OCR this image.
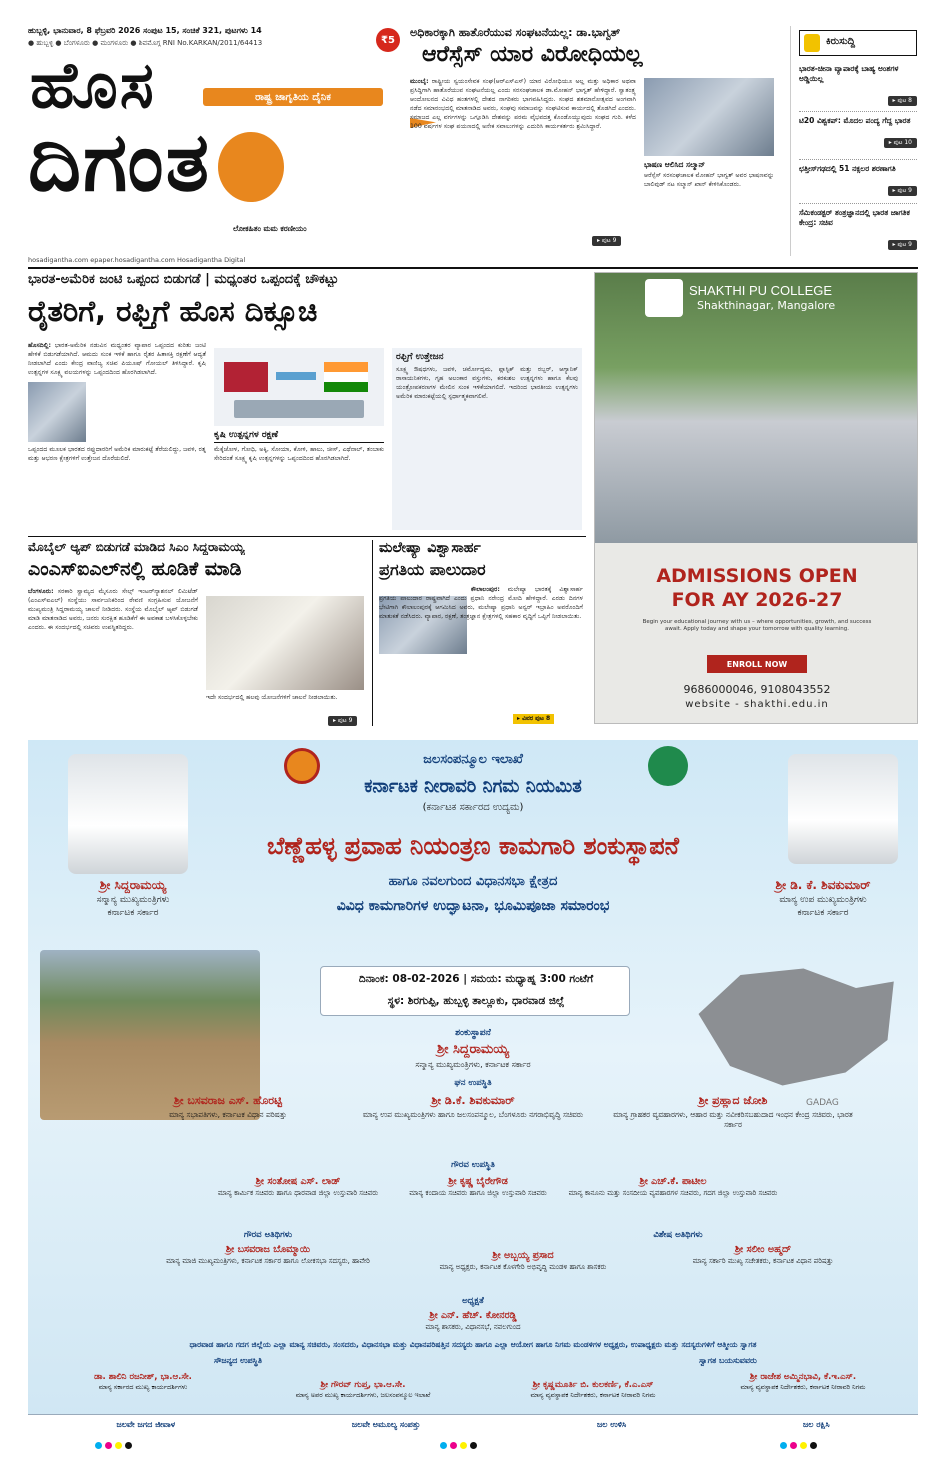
ಹುಬ್ಬಳ್ಳಿ, ಭಾನುವಾರ, 8 ಫೆಬ್ರವರಿ 2026 ಸಂಪುಟ 15, ಸಂಚಿಕೆ 321, ಪುಟಗಳು 14
● ಹುಬ್ಬಳ್ಳಿ ● ಬೆಂಗಳೂರು ● ಮಂಗಳೂರು ● ಶಿವಮೊಗ್ಗ RNI No.KARKAN/2011/64413	₹5
ಹೊಸ	ರಾಷ್ಟ್ರ ಜಾಗೃತಿಯ ದೈನಿಕ
ದಿಗಂತ
ಲೋಕಹಿತಂ ಮಮ ಕರಣೀಯಂ
hosadigantha.com epaper.hosadigantha.com Hosadigantha Digital
ಅಧಿಕಾರಕ್ಕಾಗಿ ಹಾತೊರೆಯುವ ಸಂಘಟನೆಯಲ್ಲ: ಡಾ.ಭಾಗ್ವತ್
ಆರೆಸ್ಸೆಸ್ ಯಾರ ವಿರೋಧಿಯಲ್ಲ

ಮುಂಬೈ: ರಾಷ್ಟ್ರೀಯ ಸ್ವಯಂಸೇವಕ ಸಂಘ(ಆರ್‌ಎಸ್‌ಎಸ್) ಯಾರ ವಿರೋಧಿಯೂ ಅಲ್ಲ ಮತ್ತು ಅಧಿಕಾರ ಅಥವಾ ಪ್ರಸಿದ್ಧಿಗಾಗಿ ಹಾತೊರೆಯುವ ಸಂಘಟನೆಯಲ್ಲ ಎಂದು ಸರಸಂಘಚಾಲಕ ಡಾ.ಮೋಹನ್ ಭಾಗ್ವತ್ ಹೇಳಿದ್ದಾರೆ. ಸ್ವಾತಂತ್ರ್ಯ ಆಂದೋಲನದ ವಿವಿಧ ಹಂತಗಳಲ್ಲಿ ದೇಶದ ನಾಗರಿಕರು ಭಾಗವಹಿಸಿದ್ದರು. ಸಂಘದ ಶತಮಾನೋತ್ಸವದ ಅಂಗವಾಗಿ ನಡೆದ ಸಮಾರಂಭದಲ್ಲಿ ಮಾತನಾಡಿದ ಅವರು, ಸಂಘವು ಸಮಾಜವನ್ನು ಸಂಘಟಿಸುವ ಕಾರ್ಯದಲ್ಲಿ ತೊಡಗಿದೆ ಎಂದರು. ಸಮಾಜದ ಎಲ್ಲ ವರ್ಗಗಳನ್ನು ಒಗ್ಗೂಡಿಸಿ ದೇಶವನ್ನು ಪರಮ ವೈಭವದತ್ತ ಕೊಂಡೊಯ್ಯುವುದು ಸಂಘದ ಗುರಿ. ಕಳೆದ 100 ವರ್ಷಗಳ ಸಂಘ ಪಯಣದಲ್ಲಿ ಅನೇಕ ಸವಾಲುಗಳನ್ನು ಎದುರಿಸಿ ಕಾರ್ಯಕರ್ತರು ಶ್ರಮಿಸಿದ್ದಾರೆ.

ಭಾಷಣ ಆಲಿಸಿದ ಸಲ್ಮಾನ್
ಆರೆಸ್ಸೆಸ್ ಸರಸಂಘಚಾಲಕ ಮೋಹನ್ ಭಾಗ್ವತ್ ಅವರ ಭಾಷಣವನ್ನು ಬಾಲಿವುಡ್ ನಟ ಸಲ್ಮಾನ್ ಖಾನ್ ಕೇಳಿಸಿಕೊಂಡರು.
▸ ಪುಟ 9
ಕಿರುಸುದ್ದಿ
ಭಾರತ-ಚೀನಾ ವ್ಯಾಪಾರಕ್ಕೆ ಬಾಹ್ಯ ಅಂಶಗಳ ಅಡ್ಡಿಯಿಲ್ಲ
▸ ಪುಟ 8
ಟಿ20 ವಿಶ್ವಕಪ್: ಮೊದಲ ಪಂದ್ಯ ಗೆದ್ದ ಭಾರತ
▸ ಪುಟ 10
ಛತ್ತೀಸ್‌ಗಢದಲ್ಲಿ 51 ನಕ್ಸಲರ ಶರಣಾಗತಿ
▸ ಪುಟ 9
ಸೆಮಿಕಂಡಕ್ಟರ್ ತಂತ್ರಜ್ಞಾನದಲ್ಲಿ ಭಾರತ ಜಾಗತಿಕ ಕೇಂದ್ರ: ಸಚಿವ
▸ ಪುಟ 9
ಭಾರತ-ಅಮೆರಿಕ ಜಂಟಿ ಒಪ್ಪಂದ ಬಿಡುಗಡೆ | ಮಧ್ಯಂತರ ಒಪ್ಪಂದಕ್ಕೆ ಚೌಕಟ್ಟು
ರೈತರಿಗೆ, ರಫ್ತಿಗೆ ಹೊಸ ದಿಕ್ಸೂಚಿ

ಹೊಸದಿಲ್ಲಿ: ಭಾರತ-ಅಮೆರಿಕ ನಡುವಿನ ಮಧ್ಯಂತರ ವ್ಯಾಪಾರ ಒಪ್ಪಂದದ ಕುರಿತು ಜಂಟಿ ಹೇಳಿಕೆ ಬಿಡುಗಡೆಯಾಗಿದೆ. ಆಮದು ಸುಂಕ ಇಳಿಕೆ ಹಾಗೂ ರೈತರ ಹಿತಾಸಕ್ತಿ ರಕ್ಷಣೆಗೆ ಆದ್ಯತೆ ನೀಡಲಾಗಿದೆ ಎಂದು ಕೇಂದ್ರ ವಾಣಿಜ್ಯ ಸಚಿವ ಪಿಯೂಷ್ ಗೋಯಲ್ ತಿಳಿಸಿದ್ದಾರೆ. ಕೃಷಿ ಉತ್ಪನ್ನಗಳ ಸೂಕ್ಷ್ಮ ವಲಯಗಳನ್ನು ಒಪ್ಪಂದದಿಂದ ಹೊರಗಿಡಲಾಗಿದೆ.

ಒಪ್ಪಂದದ ಮೂಲಕ ಭಾರತದ ರಫ್ತುದಾರರಿಗೆ ಅಮೆರಿಕ ಮಾರುಕಟ್ಟೆ ತೆರೆಯಲಿದ್ದು, ಜವಳಿ, ರತ್ನ ಮತ್ತು ಆಭರಣ ಕ್ಷೇತ್ರಗಳಿಗೆ ಉತ್ತೇಜನ ದೊರೆಯಲಿದೆ.

ಕೃಷಿ ಉತ್ಪನ್ನಗಳ ರಕ್ಷಣೆ

ಮೆಕ್ಕೆಜೋಳ, ಗೋಧಿ, ಅಕ್ಕಿ, ಸೋಯಾ, ಕೋಳಿ, ಹಾಲು, ಚೀಸ್, ಎಥೆನಾಲ್, ತಂಬಾಕು ಸೇರಿದಂತೆ ಸೂಕ್ಷ್ಮ ಕೃಷಿ ಉತ್ಪನ್ನಗಳನ್ನು ಒಪ್ಪಂದದಿಂದ ಹೊರಗಿಡಲಾಗಿದೆ.

ರಫ್ತಿಗೆ ಉತ್ತೇಜನ

ಸೂಕ್ಷ್ಮ ಔಷಧಗಳು, ಜವಳಿ, ಚರ್ಮೋದ್ಯಮ, ಪ್ಲಾಸ್ಟಿಕ್ ಮತ್ತು ರಬ್ಬರ್, ಆಗ್ಯಾನಿಕ್ ರಾಸಾಯನಿಕಗಳು, ಗೃಹ ಅಲಂಕಾರ ವಸ್ತುಗಳು, ಕರಕುಶಲ ಉತ್ಪನ್ನಗಳು ಹಾಗೂ ಕೆಲವು ಯಂತ್ರೋಪಕರಣಗಳ ಮೇಲಿನ ಸುಂಕ ಇಳಿಕೆಯಾಗಲಿದೆ. ಇದರಿಂದ ಭಾರತೀಯ ಉತ್ಪನ್ನಗಳು ಅಮೆರಿಕ ಮಾರುಕಟ್ಟೆಯಲ್ಲಿ ಸ್ಪರ್ಧಾತ್ಮಕವಾಗಲಿವೆ.

SHAKTHI PU COLLEGE
Shakthinagar, Mangalore
ADMISSIONS OPEN
FOR AY 2026-27
Begin your educational journey with us – where opportunities, growth, and success await. Apply today and shape your tomorrow with quality learning.
ENROLL NOW
9686000046, 9108043552
website - shakthi.edu.in
ಮೊಬೈಲ್ ಆ್ಯಪ್ ಬಿಡುಗಡೆ ಮಾಡಿದ ಸಿಎಂ ಸಿದ್ದರಾಮಯ್ಯ
ಎಂಎಸ್‌ಐಎಲ್‌ನಲ್ಲಿ ಹೂಡಿಕೆ ಮಾಡಿ

ಬೆಂಗಳೂರು: ಸರಕಾರಿ ಸ್ವಾಮ್ಯದ ಮೈಸೂರು ಸೇಲ್ಸ್ ಇಂಟರ್‌ನ್ಯಾಶನಲ್ ಲಿಮಿಟೆಡ್ (ಎಂಎಸ್‌ಐಎಲ್) ಸಂಸ್ಥೆಯು ಸಾರ್ವಜನಿಕರಿಂದ ಠೇವಣಿ ಸಂಗ್ರಹಿಸುವ ಯೋಜನೆಗೆ ಮುಖ್ಯಮಂತ್ರಿ ಸಿದ್ದರಾಮಯ್ಯ ಚಾಲನೆ ನೀಡಿದರು. ಸಂಸ್ಥೆಯ ಮೊಬೈಲ್ ಆ್ಯಪ್ ಬಿಡುಗಡೆ ಮಾಡಿ ಮಾತನಾಡಿದ ಅವರು, ಜನರು ಸುರಕ್ಷಿತ ಹೂಡಿಕೆಗೆ ಈ ಅವಕಾಶ ಬಳಸಿಕೊಳ್ಳಬೇಕು ಎಂದರು. ಈ ಸಂದರ್ಭದಲ್ಲಿ ಸಚಿವರು ಉಪಸ್ಥಿತರಿದ್ದರು.

ಇದೇ ಸಂದರ್ಭದಲ್ಲಿ ಹಲವು ಯೋಜನೆಗಳಿಗೆ ಚಾಲನೆ ನೀಡಲಾಯಿತು.
▸ ಪುಟ 9
ಮಲೇಷ್ಯಾ ವಿಶ್ವಾಸಾರ್ಹ
ಪ್ರಗತಿಯ ಪಾಲುದಾರ

ಕೌಲಾಲಂಪುರ: ಮಲೇಷ್ಯಾ ಭಾರತಕ್ಕೆ ವಿಶ್ವಾಸಾರ್ಹ ಪ್ರಗತಿಯ ಪಾಲುದಾರ ರಾಷ್ಟ್ರವಾಗಿದೆ ಎಂದು ಪ್ರಧಾನಿ ನರೇಂದ್ರ ಮೋದಿ ಹೇಳಿದ್ದಾರೆ. ಎರಡು ದಿನಗಳ ಭೇಟಿಗಾಗಿ ಕೌಲಾಲಂಪುರಕ್ಕೆ ಆಗಮಿಸಿದ ಅವರು, ಮಲೇಷ್ಯಾ ಪ್ರಧಾನಿ ಅನ್ವರ್ ಇಬ್ರಾಹಿಂ ಅವರೊಂದಿಗೆ ಮಾತುಕತೆ ನಡೆಸಿದರು. ವ್ಯಾಪಾರ, ರಕ್ಷಣೆ, ತಂತ್ರಜ್ಞಾನ ಕ್ಷೇತ್ರಗಳಲ್ಲಿ ಸಹಕಾರ ವೃದ್ಧಿಗೆ ಒಪ್ಪಿಗೆ ನೀಡಲಾಯಿತು.

▸ ವಿವರ ಪುಟ 8
ಶ್ರೀ ಸಿದ್ದರಾಮಯ್ಯ
ಸನ್ಮಾನ್ಯ ಮುಖ್ಯಮಂತ್ರಿಗಳು
ಕರ್ನಾಟಕ ಸರ್ಕಾರ
ಶ್ರೀ ಡಿ. ಕೆ. ಶಿವಕುಮಾರ್
ಮಾನ್ಯ ಉಪ ಮುಖ್ಯಮಂತ್ರಿಗಳು
ಕರ್ನಾಟಕ ಸರ್ಕಾರ
ಜಲಸಂಪನ್ಮೂಲ ಇಲಾಖೆ
ಕರ್ನಾಟಕ ನೀರಾವರಿ ನಿಗಮ ನಿಯಮಿತ
(ಕರ್ನಾಟಕ ಸರ್ಕಾರದ ಉದ್ಯಮ)
ಬೆಣ್ಣೆಹಳ್ಳ ಪ್ರವಾಹ ನಿಯಂತ್ರಣ ಕಾಮಗಾರಿ ಶಂಕುಸ್ಥಾಪನೆ
ಹಾಗೂ ನವಲಗುಂದ ವಿಧಾನಸಭಾ ಕ್ಷೇತ್ರದ
ವಿವಿಧ ಕಾಮಗಾರಿಗಳ ಉದ್ಘಾಟನಾ, ಭೂಮಿಪೂಜಾ ಸಮಾರಂಭ
ದಿನಾಂಕ: 08-02-2026 | ಸಮಯ: ಮಧ್ಯಾಹ್ನ 3:00 ಗಂಟೆಗೆ
ಸ್ಥಳ: ಶಿರಗುಪ್ಪಿ, ಹುಬ್ಬಳ್ಳಿ ತಾಲ್ಲೂಕು, ಧಾರವಾಡ ಜಿಲ್ಲೆ
GADAG
ಶಂಕುಸ್ಥಾಪನೆ
ಶ್ರೀ ಸಿದ್ದರಾಮಯ್ಯ
ಸನ್ಮಾನ್ಯ ಮುಖ್ಯಮಂತ್ರಿಗಳು, ಕರ್ನಾಟಕ ಸರ್ಕಾರ
ಘನ ಉಪಸ್ಥಿತಿ
ಶ್ರೀ ಬಸವರಾಜ ಎಸ್. ಹೊರಟ್ಟಿ
ಮಾನ್ಯ ಸಭಾಪತಿಗಳು, ಕರ್ನಾಟಕ ವಿಧಾನ ಪರಿಷತ್ತು
ಶ್ರೀ ಡಿ.ಕೆ. ಶಿವಕುಮಾರ್
ಮಾನ್ಯ ಉಪ ಮುಖ್ಯಮಂತ್ರಿಗಳು ಹಾಗೂ ಜಲಸಂಪನ್ಮೂಲ, ಬೆಂಗಳೂರು ನಗರಾಭಿವೃದ್ಧಿ ಸಚಿವರು
ಶ್ರೀ ಪ್ರಹ್ಲಾದ ಜೋಶಿ
ಮಾನ್ಯ ಗ್ರಾಹಕರ ವ್ಯವಹಾರಗಳು, ಆಹಾರ ಮತ್ತು ನವೀಕರಿಸಬಹುದಾದ ಇಂಧನ ಕೇಂದ್ರ ಸಚಿವರು, ಭಾರತ ಸರ್ಕಾರ
ಗೌರವ ಉಪಸ್ಥಿತಿ
ಶ್ರೀ ಸಂತೋಷ ಎಸ್. ಲಾಡ್
ಮಾನ್ಯ ಕಾರ್ಮಿಕ ಸಚಿವರು ಹಾಗೂ ಧಾರವಾಡ ಜಿಲ್ಲಾ ಉಸ್ತುವಾರಿ ಸಚಿವರು
ಶ್ರೀ ಕೃಷ್ಣ ಬೈರೇಗೌಡ
ಮಾನ್ಯ ಕಂದಾಯ ಸಚಿವರು ಹಾಗೂ ಜಿಲ್ಲಾ ಉಸ್ತುವಾರಿ ಸಚಿವರು
ಶ್ರೀ ಎಚ್.ಕೆ. ಪಾಟೀಲ
ಮಾನ್ಯ ಕಾನೂನು ಮತ್ತು ಸಂಸದೀಯ ವ್ಯವಹಾರಗಳ ಸಚಿವರು, ಗದಗ ಜಿಲ್ಲಾ ಉಸ್ತುವಾರಿ ಸಚಿವರು
ಗೌರವ ಅತಿಥಿಗಳು
ಶ್ರೀ ಬಸವರಾಜ ಬೊಮ್ಮಾಯಿ
ಮಾನ್ಯ ಮಾಜಿ ಮುಖ್ಯಮಂತ್ರಿಗಳು, ಕರ್ನಾಟಕ ಸರ್ಕಾರ ಹಾಗೂ ಲೋಕಸಭಾ ಸದಸ್ಯರು, ಹಾವೇರಿ	ಶ್ರೀ ಅಬ್ಬಯ್ಯ ಪ್ರಸಾದ
ಮಾನ್ಯ ಅಧ್ಯಕ್ಷರು, ಕರ್ನಾಟಕ ಕೊಳಗೇರಿ ಅಭಿವೃದ್ಧಿ ಮಂಡಳಿ ಹಾಗೂ ಶಾಸಕರು
ವಿಶೇಷ ಅತಿಥಿಗಳು
ಶ್ರೀ ಸಲೀಂ ಅಹ್ಮದ್
ಮಾನ್ಯ ಸರ್ಕಾರಿ ಮುಖ್ಯ ಸಚೇತಕರು, ಕರ್ನಾಟಕ ವಿಧಾನ ಪರಿಷತ್ತು
ಅಧ್ಯಕ್ಷತೆ
ಶ್ರೀ ಎನ್. ಹೆಚ್. ಕೋನರಡ್ಡಿ
ಮಾನ್ಯ ಶಾಸಕರು, ವಿಧಾನಸಭೆ, ನವಲಗುಂದ
ಧಾರವಾಡ ಹಾಗೂ ಗದಗ ಜಿಲ್ಲೆಯ ಎಲ್ಲಾ ಮಾನ್ಯ ಸಚಿವರು, ಸಂಸದರು, ವಿಧಾನಸಭಾ ಮತ್ತು ವಿಧಾನಪರಿಷತ್ತಿನ ಸದಸ್ಯರು ಹಾಗೂ ಎಲ್ಲಾ ಆಯೋಗ ಹಾಗೂ ನಿಗಮ ಮಂಡಳಿಗಳ ಅಧ್ಯಕ್ಷರು, ಉಪಾಧ್ಯಕ್ಷರು ಮತ್ತು ಸದಸ್ಯರುಗಳಿಗೆ ಆತ್ಮೀಯ ಸ್ವಾಗತ
ಸೌಜನ್ಯದ ಉಪಸ್ಥಿತಿ	ಸ್ವಾಗತ ಬಯಸುವವರು
ಡಾ. ಶಾಲಿನಿ ರಜನೀಶ್, ಭಾ.ಆ.ಸೇ.
ಮಾನ್ಯ ಸರ್ಕಾರದ ಮುಖ್ಯ ಕಾರ್ಯದರ್ಶಿಗಳು	ಶ್ರೀ ಗೌರವ್ ಗುಪ್ತ, ಭಾ.ಆ.ಸೇ.
ಮಾನ್ಯ ಅಪರ ಮುಖ್ಯ ಕಾರ್ಯದರ್ಶಿಗಳು, ಜಲಸಂಪನ್ಮೂಲ ಇಲಾಖೆ
ಶ್ರೀ ಕೃಷ್ಣಮೂರ್ತಿ ಬಿ. ಕುಲಕರ್ಣಿ, ಕೆ.ಎ.ಎಸ್
ಮಾನ್ಯ ವ್ಯವಸ್ಥಾಪಕ ನಿರ್ದೇಶಕರು, ಕರ್ನಾಟಕ ನೀರಾವರಿ ನಿಗಮ
ಶ್ರೀ ರಾಜೇಶ ಅಮ್ಮಿನಭಾವಿ, ಕೆ.ಇ.ಎಸ್.
ಮಾನ್ಯ ವ್ಯವಸ್ಥಾಪಕ ನಿರ್ದೇಶಕರು, ಕರ್ನಾಟಕ ನೀರಾವರಿ ನಿಗಮ
ಜಲವೇ ಜಗದ ಜೀವಾಳ	ಜಲವೇ ಅಮೂಲ್ಯ ಸಂಪತ್ತು	ಜಲ ಉಳಿಸಿ	ಜಲ ರಕ್ಷಿಸಿ
